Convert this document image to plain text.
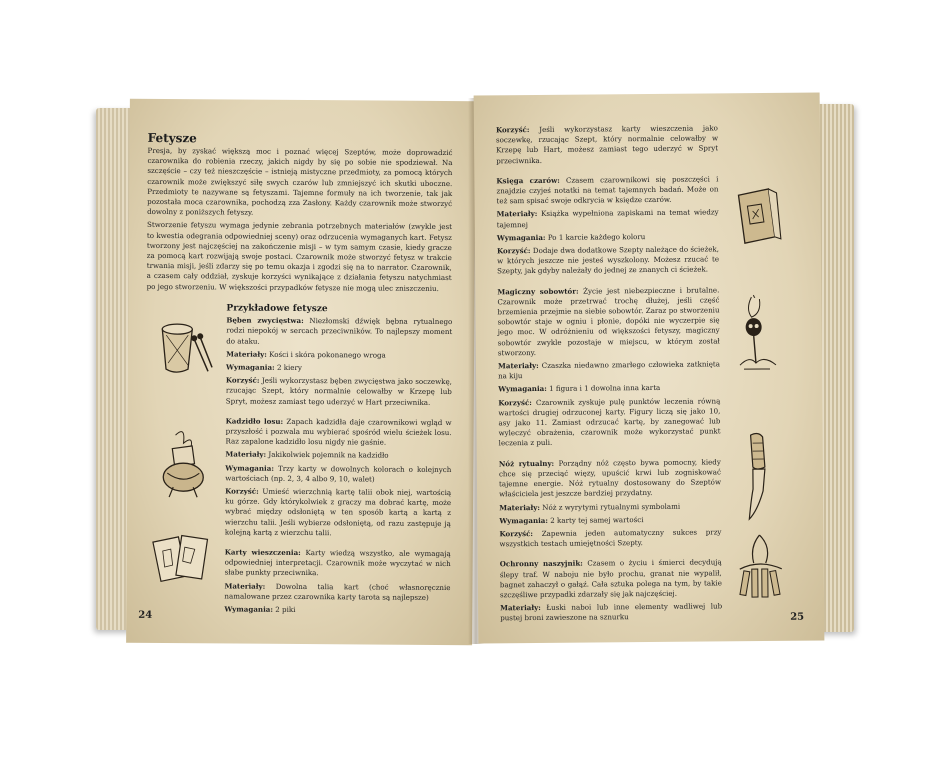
Fetysze

Presja, by zyskać większą moc i poznać więcej Szeptów, może doprowadzić czarownika do robienia rzeczy, jakich nigdy by się po sobie nie spodziewał. Na szczęście – czy też nieszczęście – istnieją mistyczne przedmioty, za pomocą których czarownik może zwiększyć siłę swych czarów lub zmniejszyć ich skutki uboczne. Przedmioty te nazywane są fetyszami. Tajemne formuły na ich tworzenie, tak jak pozostała moca czarownika, pochodzą zza Zasłony. Każdy czarownik może stworzyć dowolny z poniższych fetyszy.

Stworzenie fetyszu wymaga jedynie zebrania potrzebnych materiałów (zwykle jest to kwestia odegrania odpowiedniej sceny) oraz odrzucenia wymaganych kart. Fetysz tworzony jest najczęściej na zakończenie misji – w tym samym czasie, kiedy gracze za pomocą kart rozwijają swoje postaci. Czarownik może stworzyć fetysz w trakcie trwania misji, jeśli zdarzy się po temu okazja i zgodzi się na to narrator. Czarownik, a czasem cały oddział, zyskuje korzyści wynikające z działania fetyszu natychmiast po jego stworzeniu. W większości przypadków fetysze nie mogą ulec zniszczeniu.

Przykładowe fetysze

Bęben zwycięstwa: Niezłomski dźwięk bębna rytualnego rodzi niepokój w sercach przeciwników. To najlepszy moment do ataku.

Materiały: Kości i skóra pokonanego wroga

Wymagania: 2 kiery

Korzyść: Jeśli wykorzystasz bęben zwycięstwa jako soczewkę, rzucając Szept, który normalnie celowałby w Krzepę lub Spryt, możesz zamiast tego uderzyć w Hart przeciwnika.

Kadzidło losu: Zapach kadzidła daje czarownikowi wgląd w przyszłość i pozwala mu wybierać spośród wielu ścieżek losu. Raz zapalone kadzidło losu nigdy nie gaśnie.

Materiały: Jakikolwiek pojemnik na kadzidło

Wymagania: Trzy karty w dowolnych kolorach o kolejnych wartościach (np. 2, 3, 4 albo 9, 10, walet)

Korzyść: Umieść wierzchnią kartę talii obok niej, wartością ku górze. Gdy którykolwiek z graczy ma dobrać kartę, może wybrać między odsłoniętą w ten sposób kartą a kartą z wierzchu talii. Jeśli wybierze odsłoniętą, od razu zastępuje ją kolejną kartą z wierzchu talii.

Karty wieszczenia: Karty wiedzą wszystko, ale wymagają odpowiedniej interpretacji. Czarownik może wyczytać w nich słabe punkty przeciwnika.

Materiały: Dowolna talia kart (choć własnoręcznie namalowane przez czarownika karty tarota są najlepsze)

Wymagania: 2 piki

24

Korzyść: Jeśli wykorzystasz karty wieszczenia jako soczewkę, rzucając Szept, który normalnie celowałby w Krzepę lub Hart, możesz zamiast tego uderzyć w Spryt przeciwnika.

Księga czarów: Czasem czarownikowi się poszczęści i znajdzie czyjeś notatki na temat tajemnych badań. Może on też sam spisać swoje odkrycia w księdze czarów.

Materiały: Książka wypełniona zapiskami na temat wiedzy tajemnej

Wymagania: Po 1 karcie każdego koloru

Korzyść: Dodaje dwa dodatkowe Szepty należące do ścieżek, w których jeszcze nie jesteś wyszkolony. Możesz rzucać te Szepty, jak gdyby należały do jednej ze znanych ci ścieżek.

Magiczny sobowtór: Życie jest niebezpieczne i brutalne. Czarownik może przetrwać trochę dłużej, jeśli część brzemienia przejmie na siebie sobowtór. Zaraz po stworzeniu sobowtór staje w ogniu i płonie, dopóki nie wyczerpie się jego moc. W odróżnieniu od większości fetyszy, magiczny sobowtór zwykle pozostaje w miejscu, w którym został stworzony.

Materiały: Czaszka niedawno zmarłego człowieka zatknięta na kiju

Wymagania: 1 figura i 1 dowolna inna karta

Korzyść: Czarownik zyskuje pulę punktów leczenia równą wartości drugiej odrzuconej karty. Figury liczą się jako 10, asy jako 11. Zamiast odrzucać kartę, by zanegować lub wyleczyć obrażenia, czarownik może wykorzystać punkt leczenia z puli.

Nóż rytualny: Porządny nóż często bywa pomocny, kiedy chce się przeciąć więzy, upuścić krwi lub zogniskować tajemne energie. Nóż rytualny dostosowany do Szeptów właściciela jest jeszcze bardziej przydatny.

Materiały: Nóż z wyrytymi rytualnymi symbolami

Wymagania: 2 karty tej samej wartości

Korzyść: Zapewnia jeden automatyczny sukces przy wszystkich testach umiejętności Szepty.

Ochronny naszyjnik: Czasem o życiu i śmierci decydują ślepy traf. W naboju nie było prochu, granat nie wypalił, bagnet zahaczył o gałąź. Cała sztuka polega na tym, by takie szczęśliwe przypadki zdarzały się jak najczęściej.

Materiały: Łuski naboi lub inne elementy wadliwej lub pustej broni zawieszone na sznurku	25
